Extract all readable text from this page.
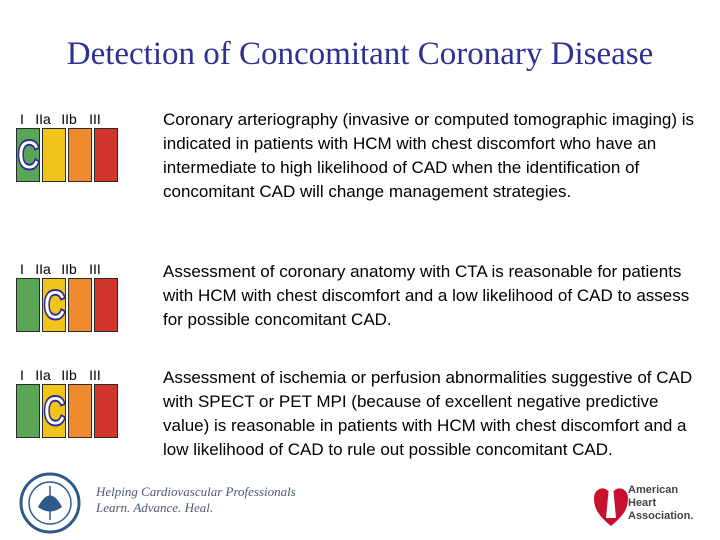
Detection of Concomitant Coronary Disease
I IIa IIb III
C
Coronary arteriography (invasive or computed tomographic imaging) is indicated in patients with HCM with chest discomfort who have an intermediate to high likelihood of CAD when the identification of concomitant CAD will change management strategies.
I IIa IIb III
C
Assessment of coronary anatomy with CTA is reasonable for patients with HCM with chest discomfort and a low likelihood of CAD to assess for possible concomitant CAD.
I IIa IIb III
C
Assessment of ischemia or perfusion abnormalities suggestive of CAD with SPECT or PET MPI (because of excellent negative predictive value) is reasonable in patients with HCM with chest discomfort and a low likelihood of CAD to rule out possible concomitant CAD.
Helping Cardiovascular Professionals
Learn. Advance. Heal.
American
Heart
Association.
